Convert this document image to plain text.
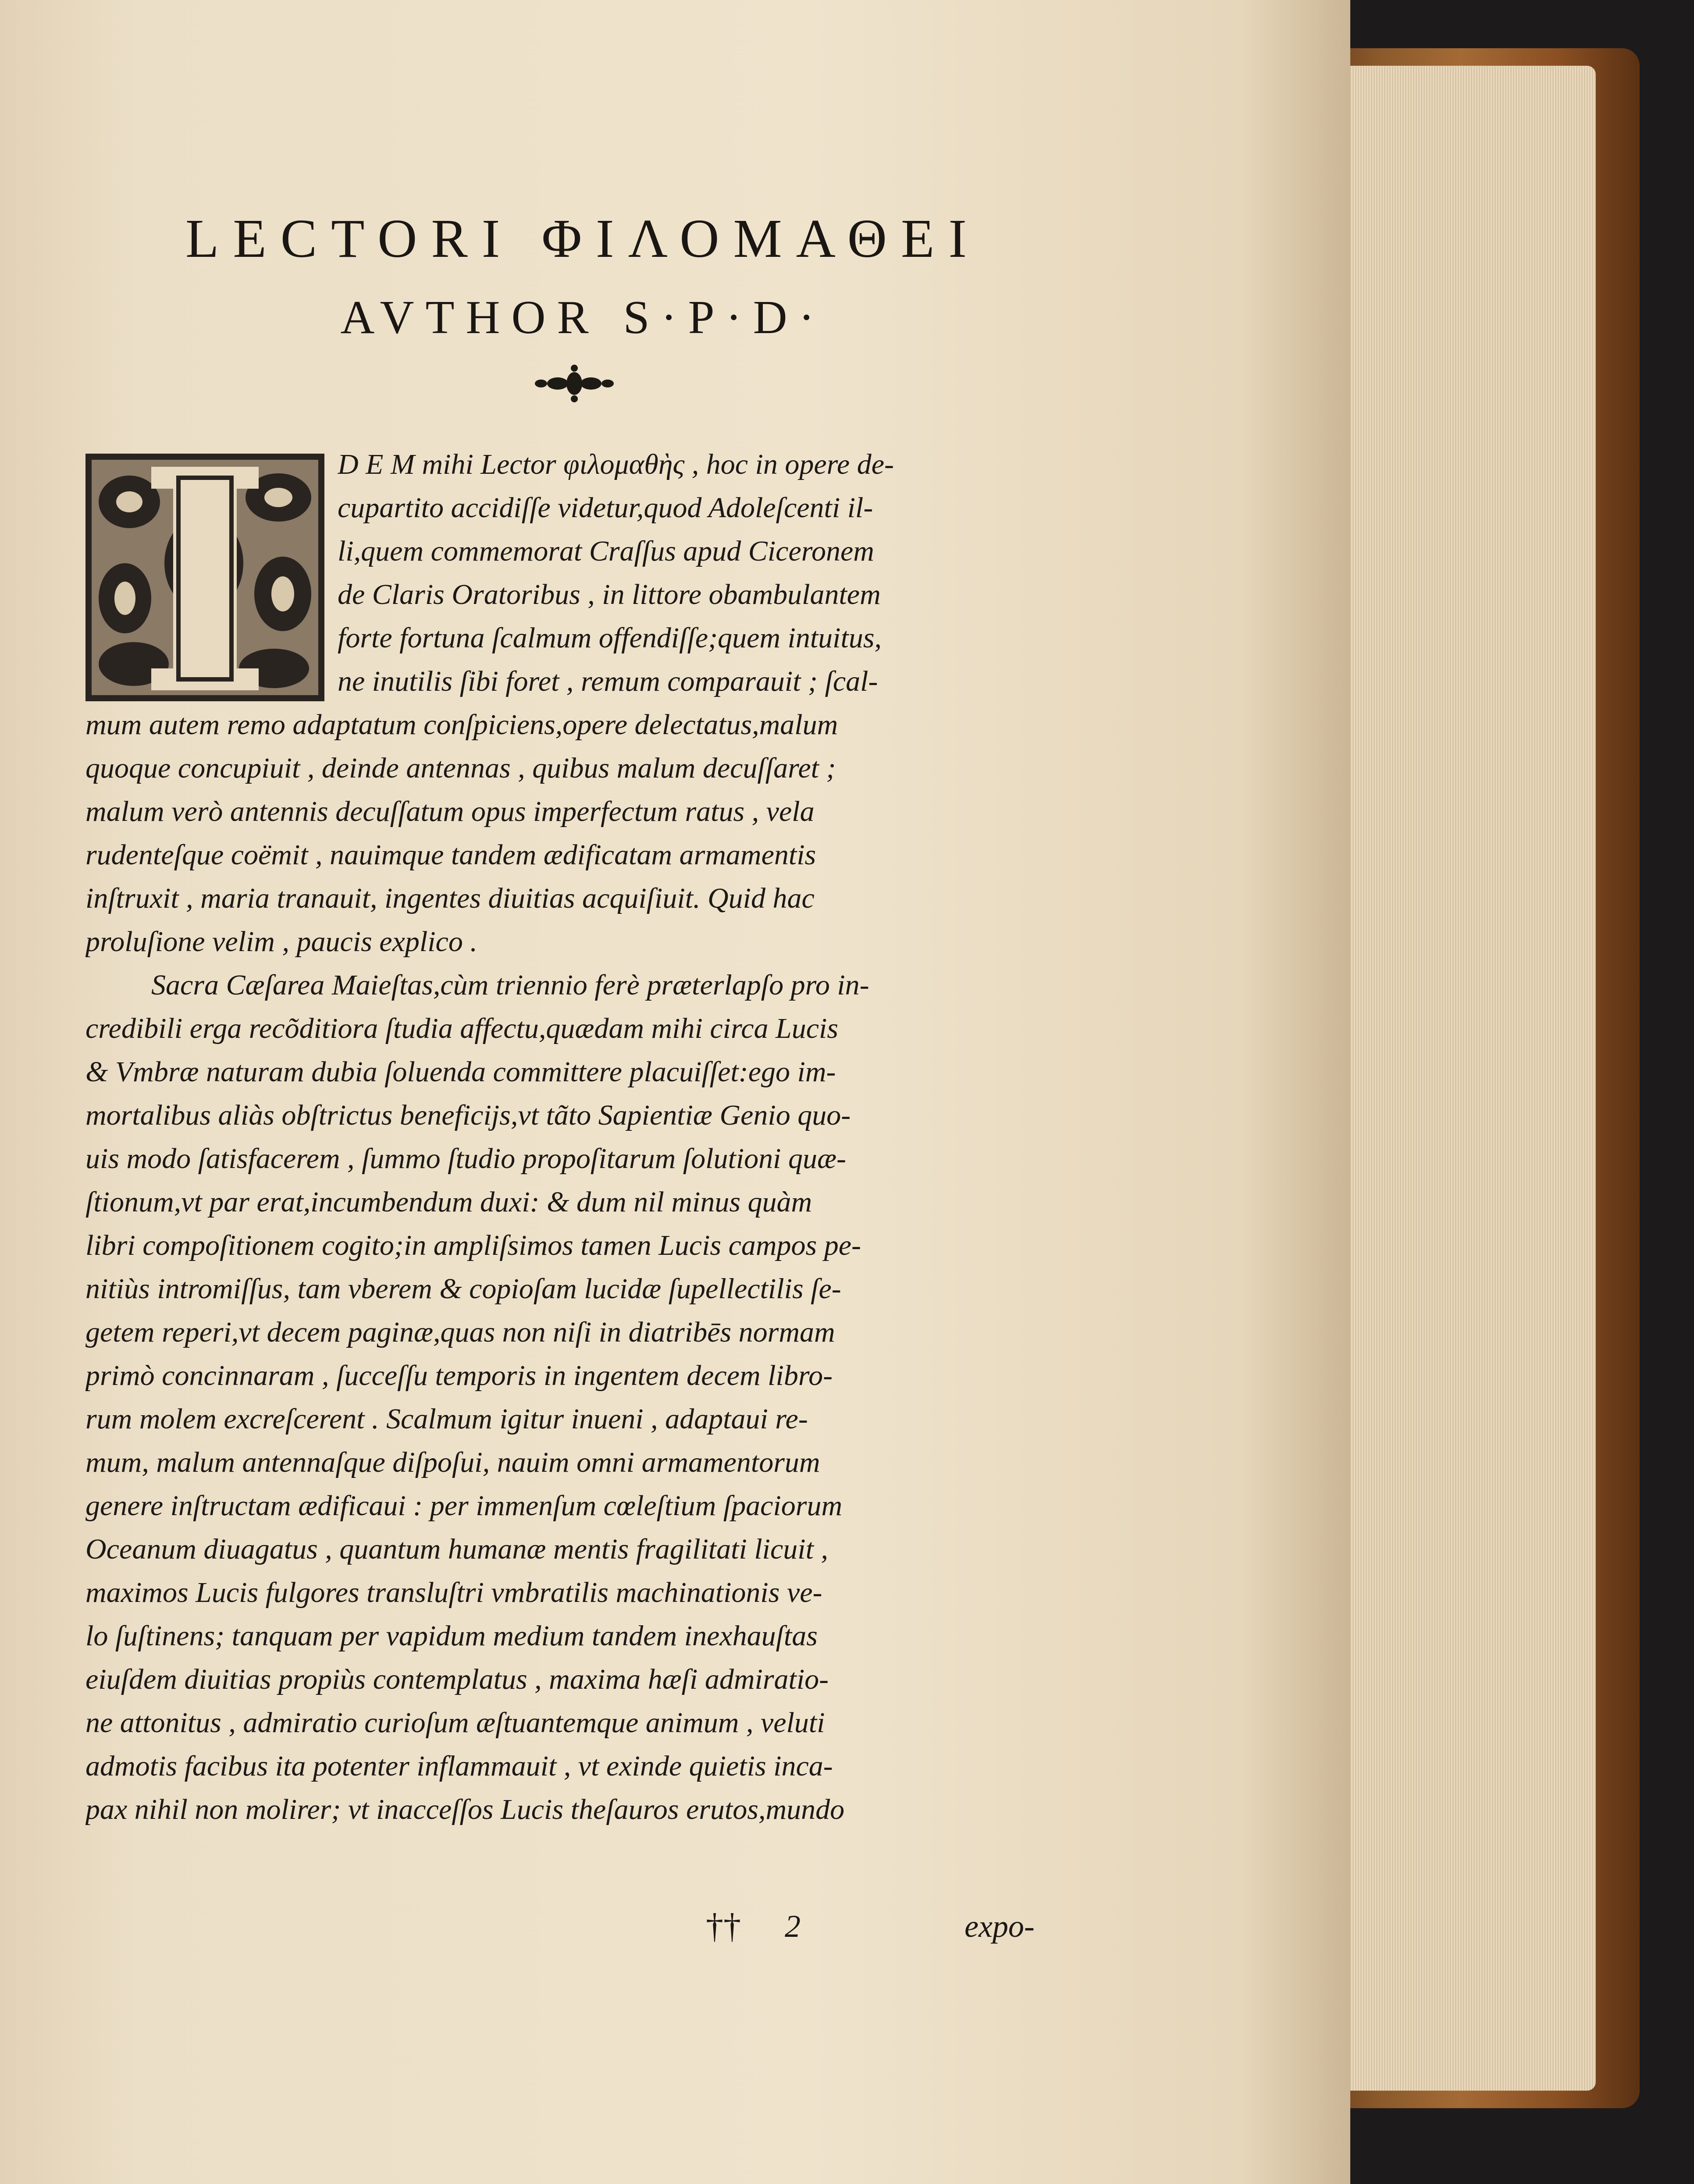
LECTORI ΦΙΛΟΜΑΘΕΙ
AVTHOR S·P·D·
D E M mihi Lector φιλομαθὴς , hoc in opere de-
cupartito accidiſſe videtur,quod Adoleſcenti il-
li,quem commemorat Craſſus apud Ciceronem
de Claris Oratoribus , in littore obambulantem
forte fortuna ſcalmum offendiſſe;quem intuitus,
ne inutilis ſibi foret , remum comparauit ; ſcal-
mum autem remo adaptatum conſpiciens,opere delectatus,malum
quoque concupiuit , deinde antennas , quibus malum decuſſaret ;
malum verò antennis decuſſatum opus imperfectum ratus , vela
rudenteſque coëmit , nauimque tandem ædificatam armamentis
inſtruxit , maria tranauit, ingentes diuitias acquiſiuit. Quid hac
proluſione velim , paucis explico .
Sacra Cæſarea Maieſtas,cùm triennio ferè præterlapſo pro in-
credibili erga recõditiora ſtudia affectu,quædam mihi circa Lucis
& Vmbræ naturam dubia ſoluenda committere placuiſſet:ego im-
mortalibus aliàs obſtrictus beneficijs,vt tãto Sapientiæ Genio quo-
uis modo ſatisfacerem , ſummo ſtudio propoſitarum ſolutioni quæ-
ſtionum,vt par erat,incumbendum duxi: & dum nil minus quàm
libri compoſitionem cogito;in ampliſsimos tamen Lucis campos pe-
nitiùs intromiſſus, tam vberem & copioſam lucidæ ſupellectilis ſe-
getem reperi,vt decem paginæ,quas non niſi in diatribēs normam
primò concinnaram , ſucceſſu temporis in ingentem decem libro-
rum molem excreſcerent . Scalmum igitur inueni , adaptaui re-
mum, malum antennaſque diſpoſui, nauim omni armamentorum
genere inſtructam ædificaui : per immenſum cœleſtium ſpaciorum
Oceanum diuagatus , quantum humanæ mentis fragilitati licuit ,
maximos Lucis fulgores transluſtri vmbratilis machinationis ve-
lo ſuſtinens; tanquam per vapidum medium tandem inexhauſtas
eiuſdem diuitias propiùs contemplatus , maxima hæſi admiratio-
ne attonitus , admiratio curioſum æſtuantemque animum , veluti
admotis facibus ita potenter inflammauit , vt exinde quietis inca-
pax nihil non molirer; vt inacceſſos Lucis theſauros erutos,mundo
†† 2	expo-
